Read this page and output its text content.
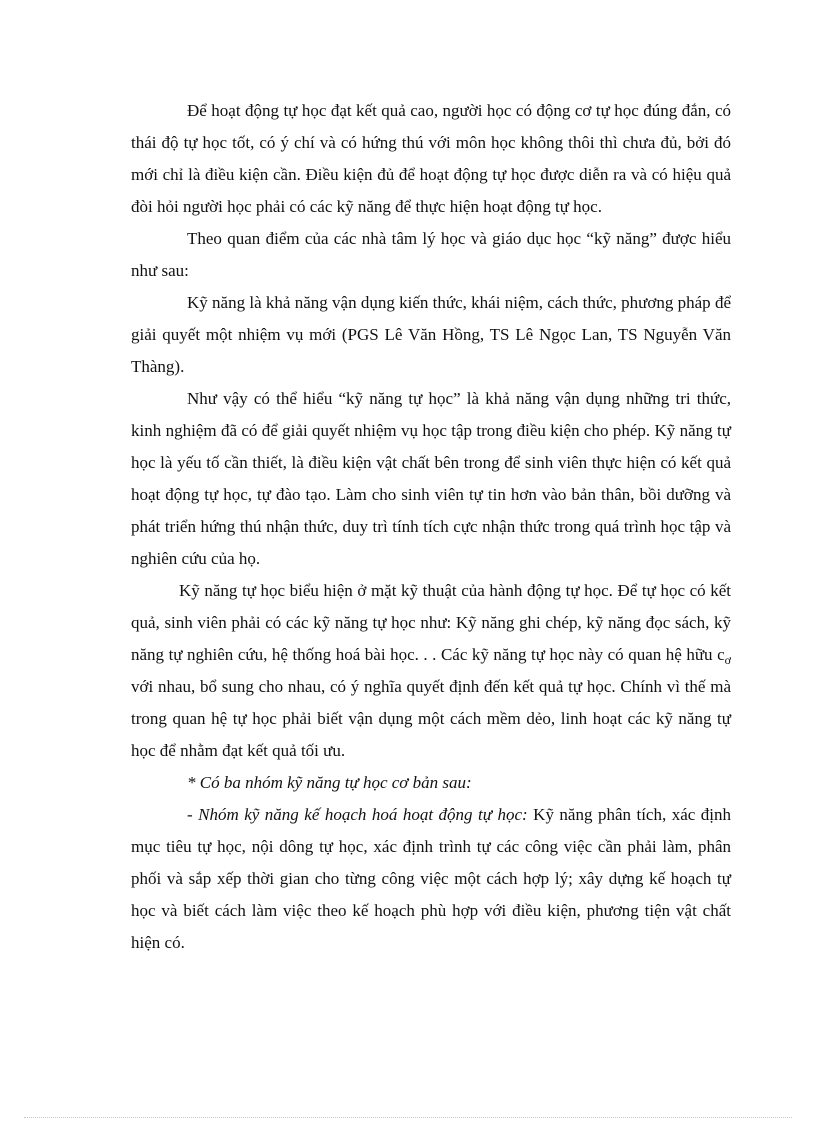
Để hoạt động tự học đạt kết quả cao, người học có động cơ tự học đúng đắn, có thái độ tự học tốt, có ý chí và có hứng thú với môn học không thôi thì chưa đủ, bởi đó mới chỉ là điều kiện cần. Điều kiện đủ để hoạt động tự học được diễn ra và có hiệu quả đòi hỏi người học phải có các kỹ năng để thực hiện hoạt động tự học.

Theo quan điểm của các nhà tâm lý học và giáo dục học “kỹ năng” được hiểu như sau:

Kỹ năng là khả năng vận dụng kiến thức, khái niệm, cách thức, phương pháp để giải quyết một nhiệm vụ mới (PGS Lê Văn Hồng, TS Lê Ngọc Lan, TS Nguyễn Văn Thàng).

Như vậy có thể hiểu “kỹ năng tự học” là khả năng vận dụng những tri thức, kinh nghiệm đã có để giải quyết nhiệm vụ học tập trong điều kiện cho phép. Kỹ năng tự học là yếu tố cần thiết, là điều kiện vật chất bên trong để sinh viên thực hiện có kết quả hoạt động tự học, tự đào tạo. Làm cho sinh viên tự tin hơn vào bản thân, bồi dưỡng và phát triển hứng thú nhận thức, duy trì tính tích cực nhận thức trong quá trình học tập và nghiên cứu của họ.

Kỹ năng tự học biểu hiện ở mặt kỹ thuật của hành động tự học. Để tự học có kết quả, sinh viên phải có các kỹ năng tự học như: Kỹ năng ghi chép, kỹ năng đọc sách, kỹ năng tự nghiên cứu, hệ thống hoá bài học. . . Các kỹ năng tự học này có quan hệ hữu $c_ơ$ với nhau, bổ sung cho nhau, có ý nghĩa quyết định đến kết quả tự học. Chính vì thế mà trong quan hệ tự học phải biết vận dụng một cách mềm dẻo, linh hoạt các kỹ năng tự học để nhằm đạt kết quả tối ưu.

* Có ba nhóm kỹ năng tự học cơ bản sau:

- Nhóm kỹ năng kế hoạch hoá hoạt động tự học: Kỹ năng phân tích, xác định mục tiêu tự học, nội dông tự học, xác định trình tự các công việc cần phải làm, phân phối và sắp xếp thời gian cho từng công việc một cách hợp lý; xây dựng kế hoạch tự học và biết cách làm việc theo kế hoạch phù hợp với điều kiện, phương tiện vật chất hiện có.
